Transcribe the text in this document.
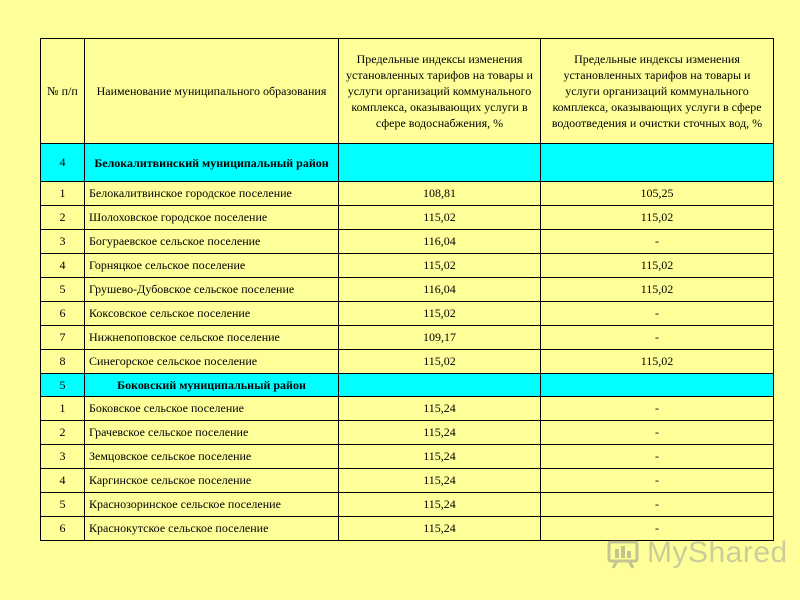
№ п/п	Наименование муниципального образования	Предельные индексы изменения установленных тарифов на товары и услуги организаций коммунального комплекса, оказывающих услуги в сфере водоснабжения, %	Предельные индексы изменения установленных тарифов на товары и услуги организаций коммунального комплекса, оказывающих услуги в сфере водоотведения и очистки сточных вод, %
4	Белокалитвинский муниципальный район		
1	Белокалитвинское городское поселение	108,81	105,25
2	Шолоховское городское поселение	115,02	115,02
3	Богураевское сельское поселение	116,04	-
4	Горняцкое сельское поселение	115,02	115,02
5	Грушево-Дубовское сельское поселение	116,04	115,02
6	Коксовское сельское поселение	115,02	-
7	Нижнепоповское сельское поселение	109,17	-
8	Синегорское сельское поселение	115,02	115,02
5	Боковский муниципальный район		
1	Боковское сельское поселение	115,24	-
2	Грачевское сельское поселение	115,24	-
3	Земцовское сельское поселение	115,24	-
4	Каргинское сельское поселение	115,24	-
5	Краснозоринское сельское поселение	115,24	-
6	Краснокутское сельское поселение	115,24	-
MyShared
